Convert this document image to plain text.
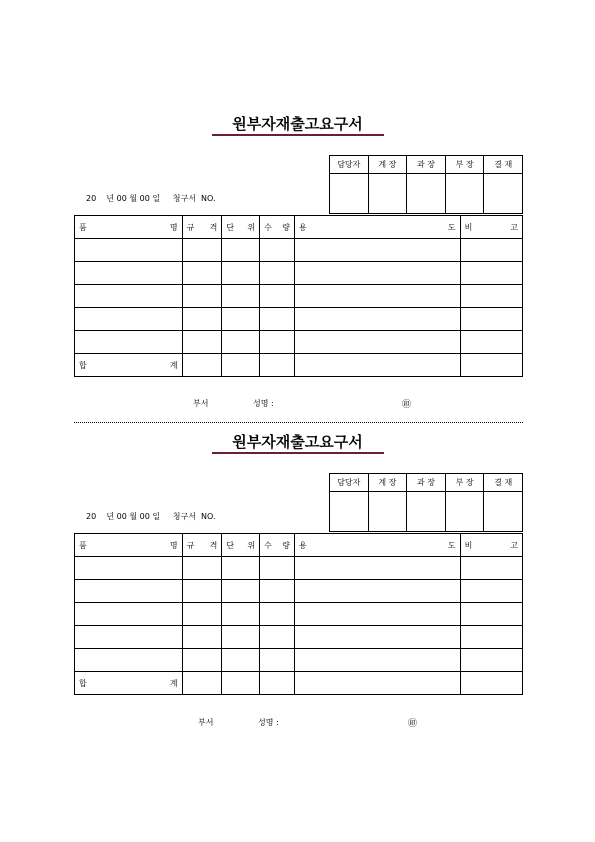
원부자재출고요구서
담당자	계 장	과 장	부 장	결 재

20    년 00 월 00 일     청구서  NO.
품 명	규 격	단 위	수 량	용 도	비 고

합 계					

부서	성명 :	㊞
원부자재출고요구서
담당자	계 장	과 장	부 장	결 재

20    년 00 월 00 일     청구서  NO.
품 명	규 격	단 위	수 량	용 도	비 고

합 계					

부서	성명 :	㊞
